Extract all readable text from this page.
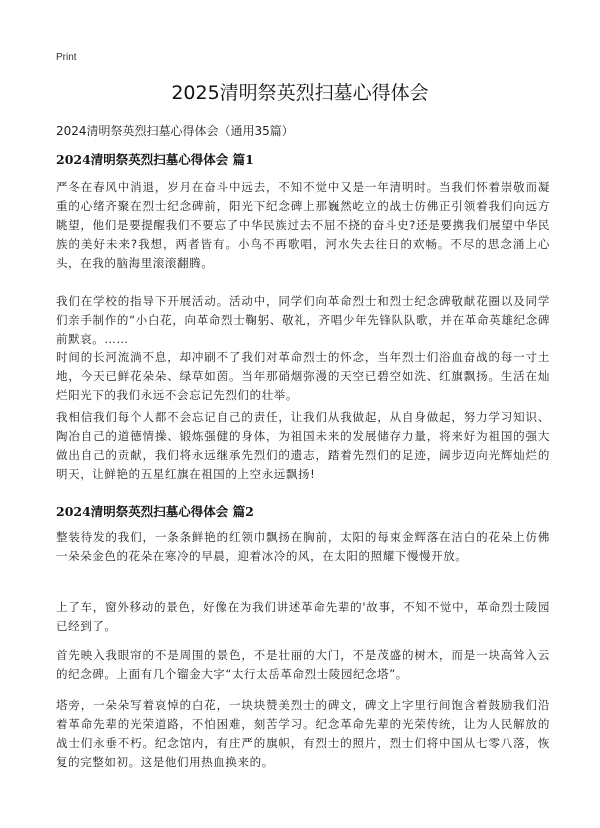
Print
2025清明祭英烈扫墓心得体会
2024清明祭英烈扫墓心得体会（通用35篇）
2024清明祭英烈扫墓心得体会 篇1

严冬在春风中消退，岁月在奋斗中远去，不知不觉中又是一年清明时。当我们怀着崇敬而凝重的心绪齐聚在烈士纪念碑前，阳光下纪念碑上那巍然屹立的战士仿佛正引领着我们向远方眺望，他们是要提醒我们不要忘了中华民族过去不屈不挠的奋斗史?还是要携我们展望中华民族的美好未来?我想，两者皆有。小鸟不再歌唱，河水失去往日的欢畅。不尽的思念涌上心头，在我的脑海里滚滚翻腾。

我们在学校的指导下开展活动。活动中，同学们向革命烈士和烈士纪念碑敬献花圈以及同学们亲手制作的“小白花，向革命烈士鞠躬、敬礼，齐唱少年先锋队队歌，并在革命英雄纪念碑前默哀。……

时间的长河流淌不息，却冲刷不了我们对革命烈士的怀念，当年烈士们浴血奋战的每一寸土地，今天已鲜花朵朵、绿草如茵。当年那硝烟弥漫的天空已碧空如洗、红旗飘扬。生活在灿烂阳光下的我们永远不会忘记先烈们的壮举。

我相信我们每个人都不会忘记自己的责任，让我们从我做起，从自身做起，努力学习知识、陶冶自己的道德情操、锻炼强健的身体，为祖国未来的发展储存力量，将来好为祖国的强大做出自己的贡献，我们将永远继承先烈们的遗志，踏着先烈们的足迹，阔步迈向光辉灿烂的明天，让鲜艳的五星红旗在祖国的上空永远飘扬!

2024清明祭英烈扫墓心得体会 篇2

整装待发的我们，一条条鲜艳的红领巾飘扬在胸前，太阳的每束金辉落在洁白的花朵上仿佛一朵朵金色的花朵在寒冷的早晨，迎着冰冷的风，在太阳的照耀下慢慢开放。

上了车，窗外移动的景色，好像在为我们讲述革命先辈的'故事，不知不觉中，革命烈士陵园已经到了。

首先映入我眼帘的不是周围的景色，不是壮丽的大门，不是茂盛的树木，而是一块高耸入云的纪念碑。上面有几个镏金大字“太行太岳革命烈士陵园纪念塔”。

塔旁，一朵朵写着哀悼的白花，一块块赞美烈士的碑文，碑文上字里行间饱含着鼓励我们沿着革命先辈的光荣道路，不怕困难，刻苦学习。纪念革命先辈的光荣传统，让为人民解放的战士们永垂不朽。纪念馆内，有庄严的旗帜，有烈士的照片，烈士们将中国从七零八落，恢复的完整如初。这是他们用热血换来的。
